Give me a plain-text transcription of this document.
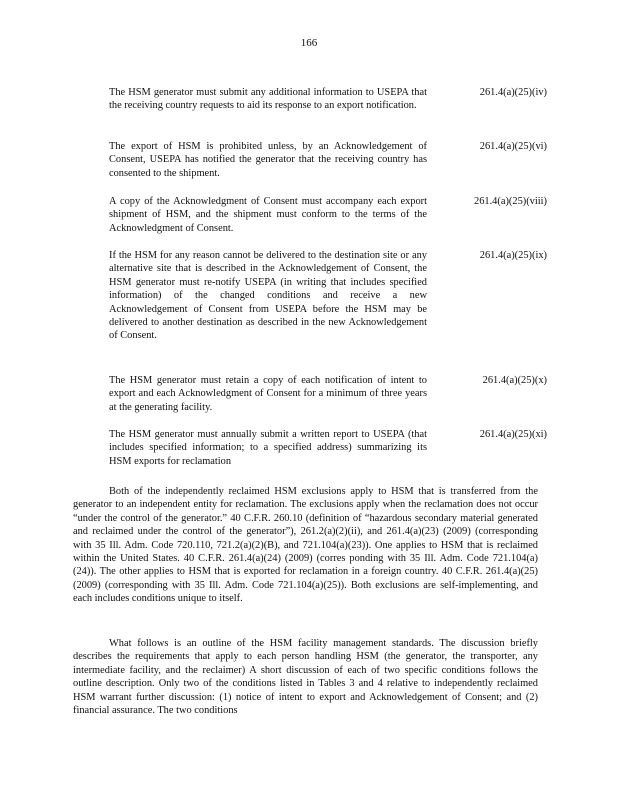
166
The HSM generator must submit any additional information to USEPA that the receiving country requests to aid its response to an export notification.
261.4(a)(25)(iv)
The export of HSM is prohibited unless, by an Acknowledgement of Consent, USEPA has notified the generator that the receiving country has consented to the shipment.
261.4(a)(25)(vi)
A copy of the Acknowledgment of Consent must accompany each export shipment of HSM, and the shipment must conform to the terms of the Acknowledgment of Consent.
261.4(a)(25)(viii)
If the HSM for any reason cannot be delivered to the destination site or any alternative site that is described in the Acknowledgement of Consent, the HSM generator must re-notify USEPA (in writing that includes specified information) of the changed conditions and receive a new Acknowledgement of Consent from USEPA before the HSM may be delivered to another destination as described in the new Acknowledgement of Consent.
261.4(a)(25)(ix)
The HSM generator must retain a copy of each notification of intent to export and each Acknowledgment of Consent for a minimum of three years at the generating facility.
261.4(a)(25)(x)
The HSM generator must annually submit a written report to USEPA (that includes specified information; to a specified address) summarizing its HSM exports for reclamation
261.4(a)(25)(xi)
Both of the independently reclaimed HSM exclusions apply to HSM that is transferred from the generator to an independent entity for reclamation. The exclusions apply when the reclamation does not occur “under the control of the generator.” 40 C.F.R. 260.10 (definition of “hazardous secondary material generated and reclaimed under the control of the generator”), 261.2(a)(2)(ii), and 261.4(a)(23) (2009) (corresponding with 35 Ill. Adm. Code 720.110, 721.2(a)(2)(B), and 721.104(a)(23)). One applies to HSM that is reclaimed within the United States. 40 C.F.R. 261.4(a)(24) (2009) (corres ponding with 35 Ill. Adm. Code 721.104(a)(24)). The other applies to HSM that is exported for reclamation in a foreign country. 40 C.F.R. 261.4(a)(25) (2009) (corresponding with 35 Ill. Adm. Code 721.104(a)(25)). Both exclusions are self-implementing, and each includes conditions unique to itself.
What follows is an outline of the HSM facility management standards. The discussion briefly describes the requirements that apply to each person handling HSM (the generator, the transporter, any intermediate facility, and the reclaimer) A short discussion of each of two specific conditions follows the outline description. Only two of the conditions listed in Tables 3 and 4 relative to independently reclaimed HSM warrant further discussion: (1) notice of intent to export and Acknowledgement of Consent; and (2) financial assurance. The two conditions
